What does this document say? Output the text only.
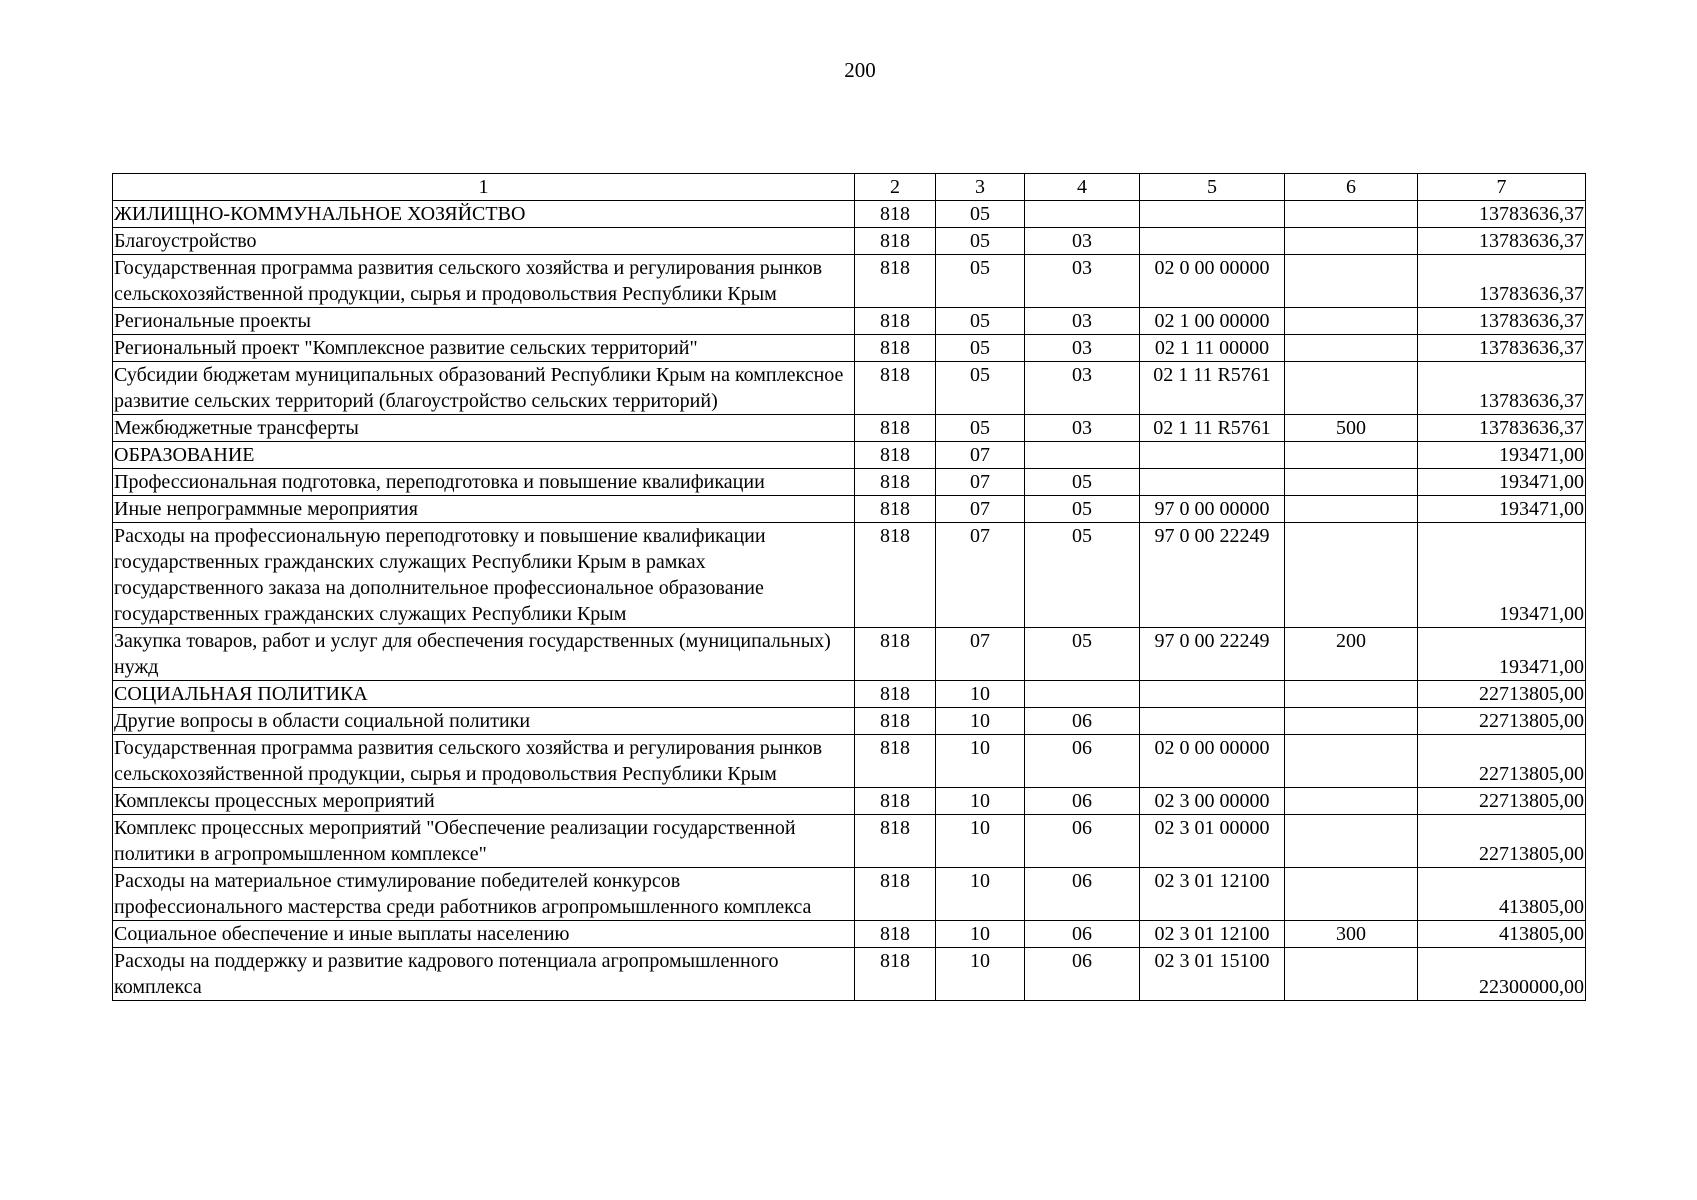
200
1	2	3	4	5	6	7
ЖИЛИЩНО-КОММУНАЛЬНОЕ ХОЗЯЙСТВО	818	05				13783636,37
Благоустройство	818	05	03			13783636,37
Государственная программа развития сельского хозяйства и регулирования рынков сельскохозяйственной продукции, сырья и продовольствия Республики Крым	818	05	03	02 0 00 00000		13783636,37
Региональные проекты	818	05	03	02 1 00 00000		13783636,37
Региональный проект "Комплексное развитие сельских территорий"	818	05	03	02 1 11 00000		13783636,37
Субсидии бюджетам муниципальных образований Республики Крым на комплексное развитие сельских территорий (благоустройство сельских территорий)	818	05	03	02 1 11 R5761		13783636,37
Межбюджетные трансферты	818	05	03	02 1 11 R5761	500	13783636,37
ОБРАЗОВАНИЕ	818	07				193471,00
Профессиональная подготовка, переподготовка и повышение квалификации	818	07	05			193471,00
Иные непрограммные мероприятия	818	07	05	97 0 00 00000		193471,00
Расходы на профессиональную переподготовку и повышение квалификации государственных гражданских служащих Республики Крым в рамках государственного заказа на дополнительное профессиональное образование государственных гражданских служащих Республики Крым	818	07	05	97 0 00 22249		193471,00
Закупка товаров, работ и услуг для обеспечения государственных (муниципальных) нужд	818	07	05	97 0 00 22249	200	193471,00
СОЦИАЛЬНАЯ ПОЛИТИКА	818	10				22713805,00
Другие вопросы в области социальной политики	818	10	06			22713805,00
Государственная программа развития сельского хозяйства и регулирования рынков сельскохозяйственной продукции, сырья и продовольствия Республики Крым	818	10	06	02 0 00 00000		22713805,00
Комплексы процессных мероприятий	818	10	06	02 3 00 00000		22713805,00
Комплекс процессных мероприятий "Обеспечение реализации государственной политики в агропромышленном комплексе"	818	10	06	02 3 01 00000		22713805,00
Расходы на материальное стимулирование победителей конкурсов профессионального мастерства среди работников агропромышленного комплекса	818	10	06	02 3 01 12100		413805,00
Социальное обеспечение и иные выплаты населению	818	10	06	02 3 01 12100	300	413805,00
Расходы на поддержку и развитие кадрового потенциала агропромышленного комплекса	818	10	06	02 3 01 15100		22300000,00
